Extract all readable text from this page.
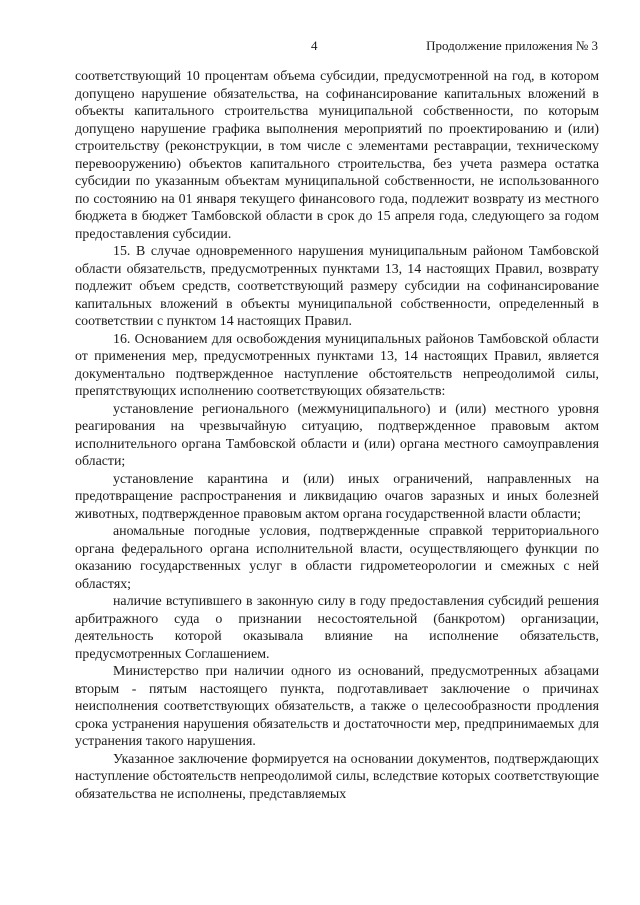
4	Продолжение приложения № 3

соответствующий 10 процентам объема субсидии, предусмотренной на год, в котором допущено нарушение обязательства, на софинансирование капитальных вложений в объекты капитального строительства муниципальной собственности, по которым допущено нарушение графика выполнения мероприятий по проектированию и (или) строительству (реконструкции, в том числе с элементами реставрации, техническому перевооружению) объектов капитального строительства, без учета размера остатка субсидии по указанным объектам муниципальной собственности, не использованного по состоянию на 01 января текущего финансового года, подлежит возврату из местного бюджета в бюджет Тамбовской области в срок до 15 апреля года, следующего за годом предоставления субсидии.

15. В случае одновременного нарушения муниципальным районом Тамбовской области обязательств, предусмотренных пунктами 13, 14 настоящих Правил, возврату подлежит объем средств, соответствующий размеру субсидии на софинансирование капитальных вложений в объекты муниципальной собственности, определенный в соответствии с пунктом 14 настоящих Правил.

16. Основанием для освобождения муниципальных районов Тамбовской области от применения мер, предусмотренных пунктами 13, 14 настоящих Правил, является документально подтвержденное наступление обстоятельств непреодолимой силы, препятствующих исполнению соответствующих обязательств:

установление регионального (межмуниципального) и (или) местного уровня реагирования на чрезвычайную ситуацию, подтвержденное правовым актом исполнительного органа Тамбовской области и (или) органа местного самоуправления области;

установление карантина и (или) иных ограничений, направленных на предотвращение распространения и ликвидацию очагов заразных и иных болезней животных, подтвержденное правовым актом органа государственной власти области;

аномальные погодные условия, подтвержденные справкой территориального органа федерального органа исполнительной власти, осуществляющего функции по оказанию государственных услуг в области гидрометеорологии и смежных с ней областях;

наличие вступившего в законную силу в году предоставления субсидий решения арбитражного суда о признании несостоятельной (банкротом) организации, деятельность которой оказывала влияние на исполнение обязательств, предусмотренных Соглашением.

Министерство при наличии одного из оснований, предусмотренных абзацами вторым - пятым настоящего пункта, подготавливает заключение о причинах неисполнения соответствующих обязательств, а также о целесообразности продления срока устранения нарушения обязательств и достаточности мер, предпринимаемых для устранения такого нарушения.

Указанное заключение формируется на основании документов, подтверждающих наступление обстоятельств непреодолимой силы, вследствие которых соответствующие обязательства не исполнены, представляемых
